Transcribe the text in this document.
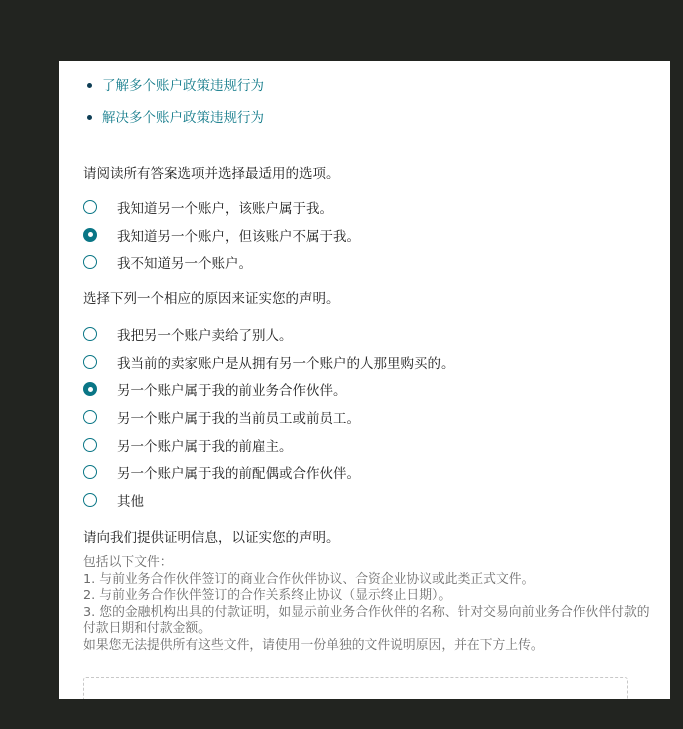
了解多个账户政策违规行为
解决多个账户政策违规行为
请阅读所有答案选项并选择最适用的选项。
我知道另一个账户，该账户属于我。
我知道另一个账户，但该账户不属于我。
我不知道另一个账户。
选择下列一个相应的原因来证实您的声明。
我把另一个账户卖给了别人。
我当前的卖家账户是从拥有另一个账户的人那里购买的。
另一个账户属于我的前业务合作伙伴。
另一个账户属于我的当前员工或前员工。
另一个账户属于我的前雇主。
另一个账户属于我的前配偶或合作伙伴。
其他
请向我们提供证明信息，以证实您的声明。
包括以下文件：
1. 与前业务合作伙伴签订的商业合作伙伴协议、合资企业协议或此类正式文件。
2. 与前业务合作伙伴签订的合作关系终止协议（显示终止日期）。
3. 您的金融机构出具的付款证明，如显示前业务合作伙伴的名称、针对交易向前业务合作伙伴付款的付款日期和付款金额。
如果您无法提供所有这些文件，请使用一份单独的文件说明原因，并在下方上传。
